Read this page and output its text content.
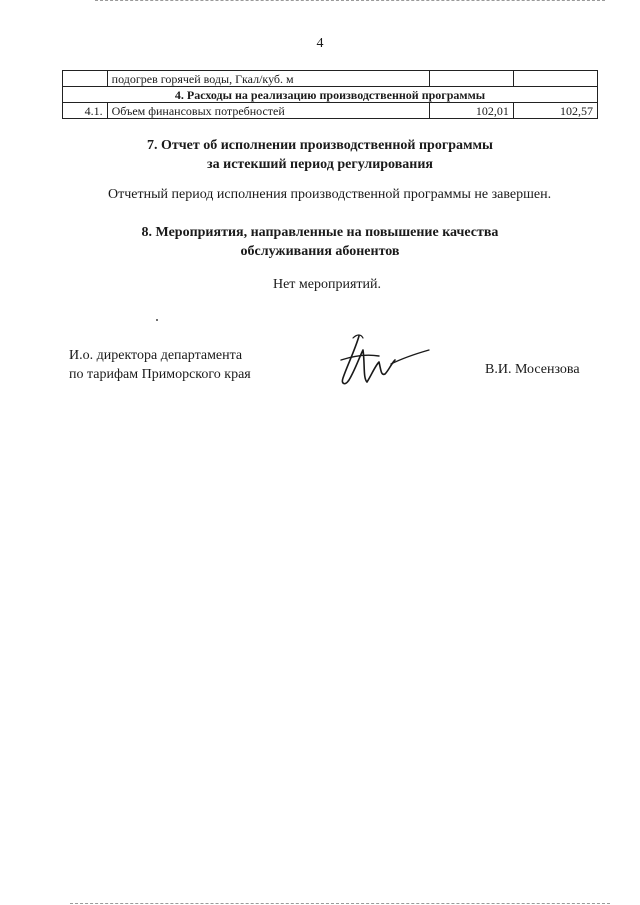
4
	подогрев горячей воды, Гкал/куб. м		
4. Расходы на реализацию производственной программы			
4.1.	Объем финансовых потребностей	102,01	102,57
7. Отчет об исполнении производственной программы
за истекший период регулирования
Отчетный период исполнения производственной программы не завершен.
8. Мероприятия, направленные на повышение качества
обслуживания абонентов
Нет мероприятий.
И.о. директора департамента
по тарифам Приморского края	В.И. Мосензова
